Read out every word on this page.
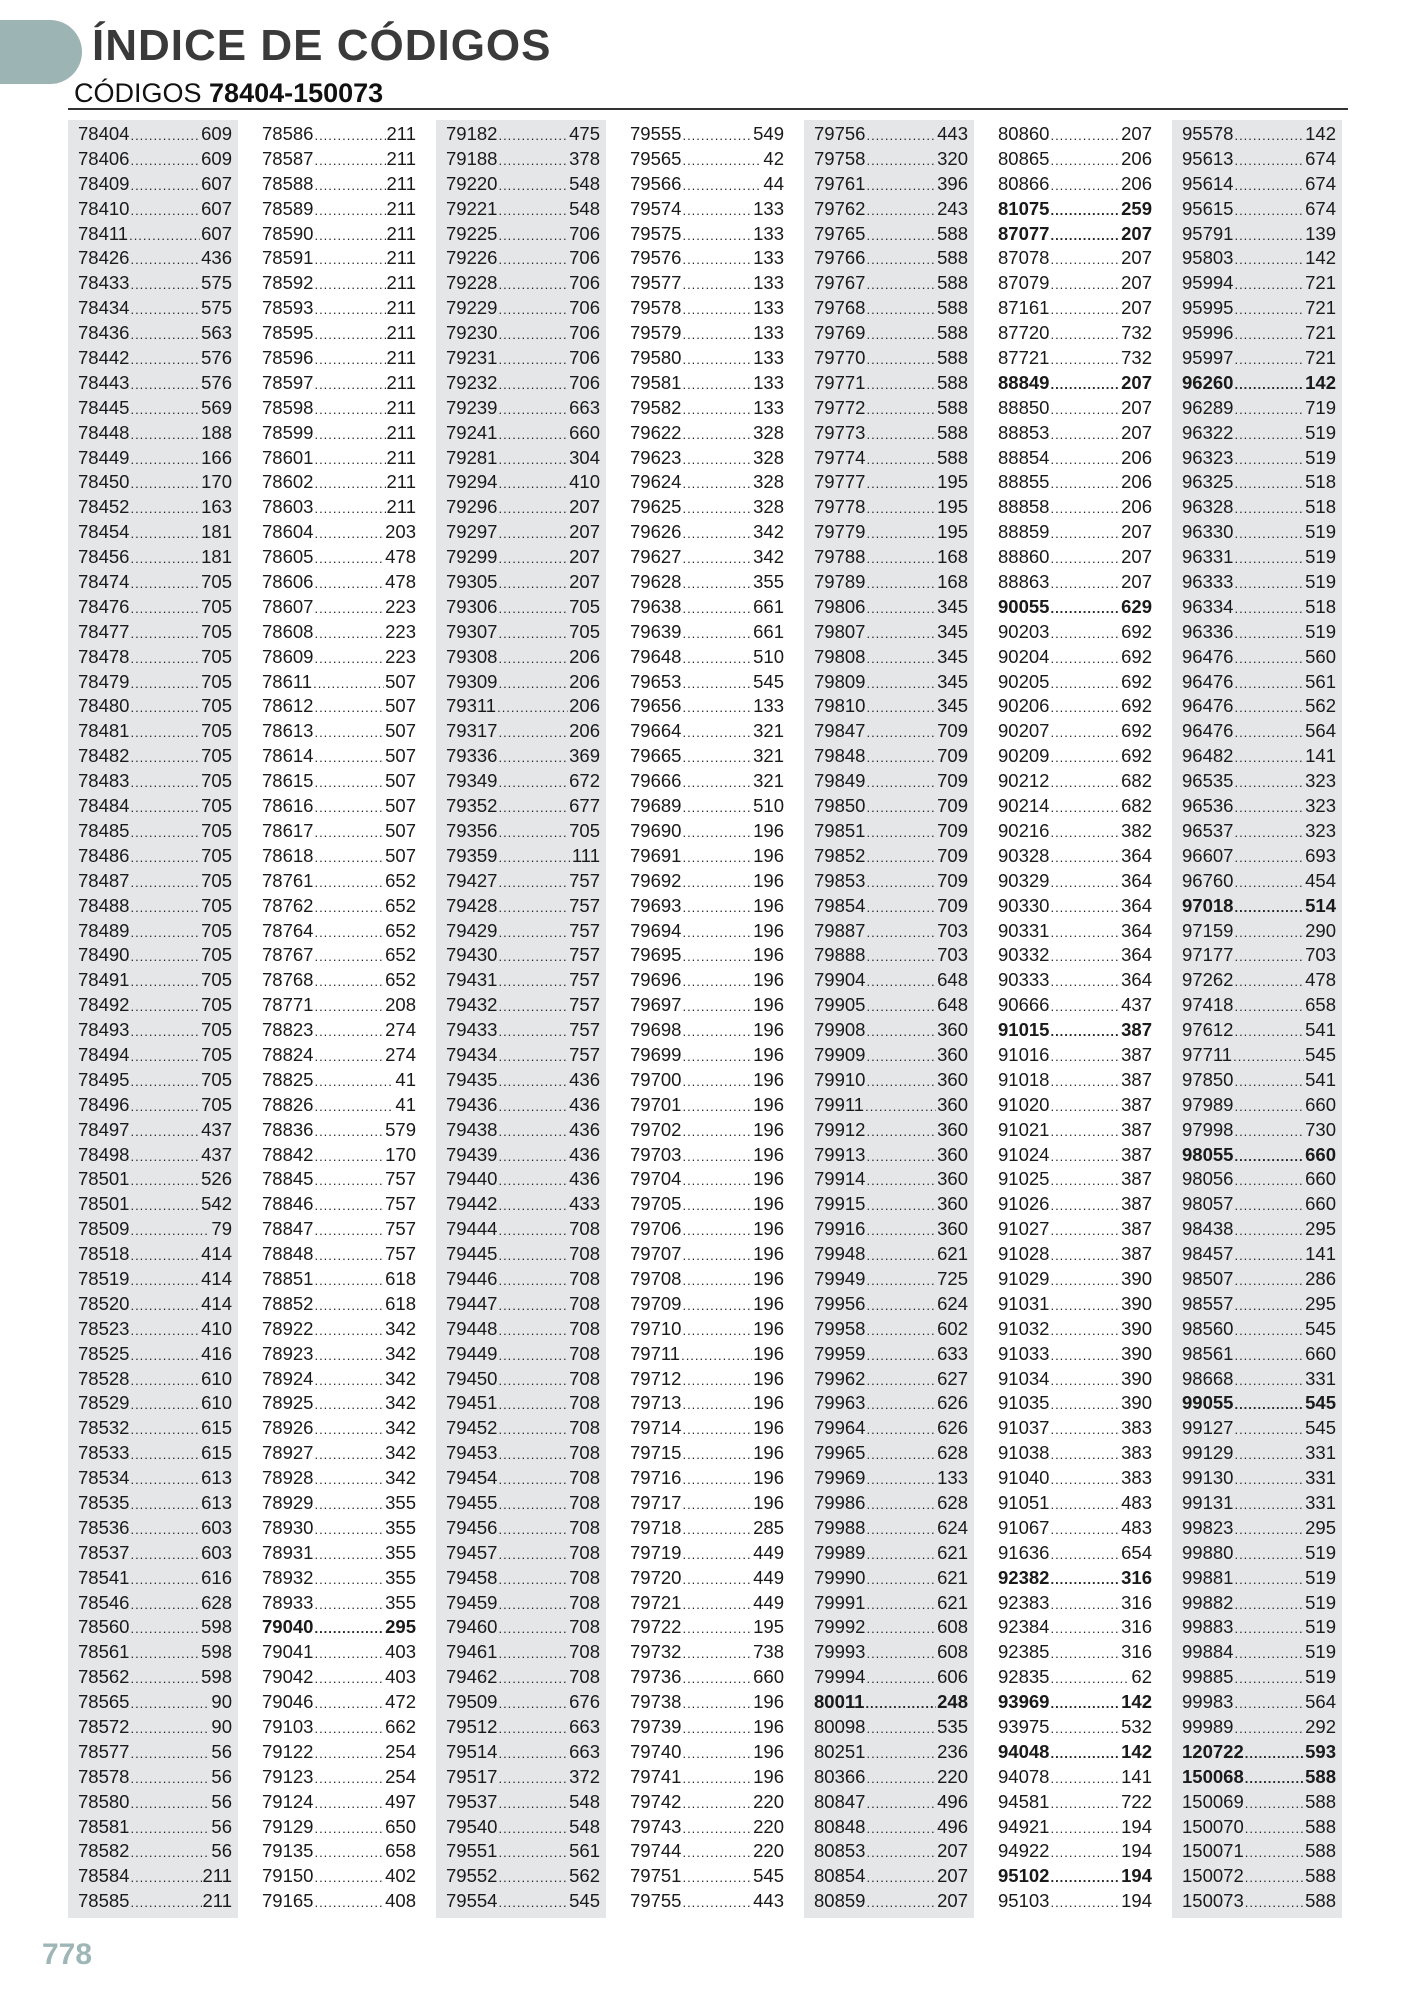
ÍNDICE DE CÓDIGOS
CÓDIGOS 78404-150073
78404 .....	609
78406 .....	609
78409 .....	607
78410 .....	607
78411 .....	607
78426 .....	436
78433 .....	575
78434 .....	575
78436 .....	563
78442 .....	576
78443 .....	576
78445 .....	569
78448 .....	188
78449 .....	166
78450 .....	170
78452 .....	163
78454 .....	181
78456 .....	181
78474 .....	705
78476 .....	705
78477 .....	705
78478 .....	705
78479 .....	705
78480 .....	705
78481 .....	705
78482 .....	705
78483 .....	705
78484 .....	705
78485 .....	705
78486 .....	705
78487 .....	705
78488 .....	705
78489 .....	705
78490 .....	705
78491 .....	705
78492 .....	705
78493 .....	705
78494 .....	705
78495 .....	705
78496 .....	705
78497 .....	437
78498 .....	437
78501 .....	526
78501 .....	542
78509 .....	79
78518 .....	414
78519 .....	414
78520 .....	414
78523 .....	410
78525 .....	416
78528 .....	610
78529 .....	610
78532 .....	615
78533 .....	615
78534 .....	613
78535 .....	613
78536 .....	603
78537 .....	603
78541 .....	616
78546 .....	628
78560 .....	598
78561 .....	598
78562 .....	598
78565 .....	90
78572 .....	90
78577 .....	56
78578 .....	56
78580 .....	56
78581 .....	56
78582 .....	56
78584 .....	211
78585 .....	211
78586 .....	211
78587 .....	211
78588 .....	211
78589 .....	211
78590 .....	211
78591 .....	211
78592 .....	211
78593 .....	211
78595 .....	211
78596 .....	211
78597 .....	211
78598 .....	211
78599 .....	211
78601 .....	211
78602 .....	211
78603 .....	211
78604 .....	203
78605 .....	478
78606 .....	478
78607 .....	223
78608 .....	223
78609 .....	223
78611 .....	507
78612 .....	507
78613 .....	507
78614 .....	507
78615 .....	507
78616 .....	507
78617 .....	507
78618 .....	507
78761 .....	652
78762 .....	652
78764 .....	652
78767 .....	652
78768 .....	652
78771 .....	208
78823 .....	274
78824 .....	274
78825 .....	41
78826 .....	41
78836 .....	579
78842 .....	170
78845 .....	757
78846 .....	757
78847 .....	757
78848 .....	757
78851 .....	618
78852 .....	618
78922 .....	342
78923 .....	342
78924 .....	342
78925 .....	342
78926 .....	342
78927 .....	342
78928 .....	342
78929 .....	355
78930 .....	355
78931 .....	355
78932 .....	355
78933 .....	355
79040 .....	295
79041 .....	403
79042 .....	403
79046 .....	472
79103 .....	662
79122 .....	254
79123 .....	254
79124 .....	497
79129 .....	650
79135 .....	658
79150 .....	402
79165 .....	408
79182 .....	475
79188 .....	378
79220 .....	548
79221 .....	548
79225 .....	706
79226 .....	706
79228 .....	706
79229 .....	706
79230 .....	706
79231 .....	706
79232 .....	706
79239 .....	663
79241 .....	660
79281 .....	304
79294 .....	410
79296 .....	207
79297 .....	207
79299 .....	207
79305 .....	207
79306 .....	705
79307 .....	705
79308 .....	206
79309 .....	206
79311 .....	206
79317 .....	206
79336 .....	369
79349 .....	672
79352 .....	677
79356 .....	705
79359 .....	111
79427 .....	757
79428 .....	757
79429 .....	757
79430 .....	757
79431 .....	757
79432 .....	757
79433 .....	757
79434 .....	757
79435 .....	436
79436 .....	436
79438 .....	436
79439 .....	436
79440 .....	436
79442 .....	433
79444 .....	708
79445 .....	708
79446 .....	708
79447 .....	708
79448 .....	708
79449 .....	708
79450 .....	708
79451 .....	708
79452 .....	708
79453 .....	708
79454 .....	708
79455 .....	708
79456 .....	708
79457 .....	708
79458 .....	708
79459 .....	708
79460 .....	708
79461 .....	708
79462 .....	708
79509 .....	676
79512 .....	663
79514 .....	663
79517 .....	372
79537 .....	548
79540 .....	548
79551 .....	561
79552 .....	562
79554 .....	545
79555 .....	549
79565 .....	42
79566 .....	44
79574 .....	133
79575 .....	133
79576 .....	133
79577 .....	133
79578 .....	133
79579 .....	133
79580 .....	133
79581 .....	133
79582 .....	133
79622 .....	328
79623 .....	328
79624 .....	328
79625 .....	328
79626 .....	342
79627 .....	342
79628 .....	355
79638 .....	661
79639 .....	661
79648 .....	510
79653 .....	545
79656 .....	133
79664 .....	321
79665 .....	321
79666 .....	321
79689 .....	510
79690 .....	196
79691 .....	196
79692 .....	196
79693 .....	196
79694 .....	196
79695 .....	196
79696 .....	196
79697 .....	196
79698 .....	196
79699 .....	196
79700 .....	196
79701 .....	196
79702 .....	196
79703 .....	196
79704 .....	196
79705 .....	196
79706 .....	196
79707 .....	196
79708 .....	196
79709 .....	196
79710 .....	196
79711 .....	196
79712 .....	196
79713 .....	196
79714 .....	196
79715 .....	196
79716 .....	196
79717 .....	196
79718 .....	285
79719 .....	449
79720 .....	449
79721 .....	449
79722 .....	195
79732 .....	738
79736 .....	660
79738 .....	196
79739 .....	196
79740 .....	196
79741 .....	196
79742 .....	220
79743 .....	220
79744 .....	220
79751 .....	545
79755 .....	443
79756 .....	443
79758 .....	320
79761 .....	396
79762 .....	243
79765 .....	588
79766 .....	588
79767 .....	588
79768 .....	588
79769 .....	588
79770 .....	588
79771 .....	588
79772 .....	588
79773 .....	588
79774 .....	588
79777 .....	195
79778 .....	195
79779 .....	195
79788 .....	168
79789 .....	168
79806 .....	345
79807 .....	345
79808 .....	345
79809 .....	345
79810 .....	345
79847 .....	709
79848 .....	709
79849 .....	709
79850 .....	709
79851 .....	709
79852 .....	709
79853 .....	709
79854 .....	709
79887 .....	703
79888 .....	703
79904 .....	648
79905 .....	648
79908 .....	360
79909 .....	360
79910 .....	360
79911 .....	360
79912 .....	360
79913 .....	360
79914 .....	360
79915 .....	360
79916 .....	360
79948 .....	621
79949 .....	725
79956 .....	624
79958 .....	602
79959 .....	633
79962 .....	627
79963 .....	626
79964 .....	626
79965 .....	628
79969 .....	133
79986 .....	628
79988 .....	624
79989 .....	621
79990 .....	621
79991 .....	621
79992 .....	608
79993 .....	608
79994 .....	606
80011 .....	248
80098 .....	535
80251 .....	236
80366 .....	220
80847 .....	496
80848 .....	496
80853 .....	207
80854 .....	207
80859 .....	207
80860 .....	207
80865 .....	206
80866 .....	206
81075 .....	259
87077 .....	207
87078 .....	207
87079 .....	207
87161 .....	207
87720 .....	732
87721 .....	732
88849 .....	207
88850 .....	207
88853 .....	207
88854 .....	206
88855 .....	206
88858 .....	206
88859 .....	207
88860 .....	207
88863 .....	207
90055 .....	629
90203 .....	692
90204 .....	692
90205 .....	692
90206 .....	692
90207 .....	692
90209 .....	692
90212 .....	682
90214 .....	682
90216 .....	382
90328 .....	364
90329 .....	364
90330 .....	364
90331 .....	364
90332 .....	364
90333 .....	364
90666 .....	437
91015 .....	387
91016 .....	387
91018 .....	387
91020 .....	387
91021 .....	387
91024 .....	387
91025 .....	387
91026 .....	387
91027 .....	387
91028 .....	387
91029 .....	390
91031 .....	390
91032 .....	390
91033 .....	390
91034 .....	390
91035 .....	390
91037 .....	383
91038 .....	383
91040 .....	383
91051 .....	483
91067 .....	483
91636 .....	654
92382 .....	316
92383 .....	316
92384 .....	316
92385 .....	316
92835 .....	62
93969 .....	142
93975 .....	532
94048 .....	142
94078 .....	141
94581 .....	722
94921 .....	194
94922 .....	194
95102 .....	194
95103 .....	194
95578 .....	142
95613 .....	674
95614 .....	674
95615 .....	674
95791 .....	139
95803 .....	142
95994 .....	721
95995 .....	721
95996 .....	721
95997 .....	721
96260 .....	142
96289 .....	719
96322 .....	519
96323 .....	519
96325 .....	518
96328 .....	518
96330 .....	519
96331 .....	519
96333 .....	519
96334 .....	518
96336 .....	519
96476 .....	560
96476 .....	561
96476 .....	562
96476 .....	564
96482 .....	141
96535 .....	323
96536 .....	323
96537 .....	323
96607 .....	693
96760 .....	454
97018 .....	514
97159 .....	290
97177 .....	703
97262 .....	478
97418 .....	658
97612 .....	541
97711 .....	545
97850 .....	541
97989 .....	660
97998 .....	730
98055 .....	660
98056 .....	660
98057 .....	660
98438 .....	295
98457 .....	141
98507 .....	286
98557 .....	295
98560 .....	545
98561 .....	660
98668 .....	331
99055 .....	545
99127 .....	545
99129 .....	331
99130 .....	331
99131 .....	331
99823 .....	295
99880 .....	519
99881 .....	519
99882 .....	519
99883 .....	519
99884 .....	519
99885 .....	519
99983 .....	564
99989 .....	292
120722 .....	593
150068 .....	588
150069 .....	588
150070 .....	588
150071 .....	588
150072 .....	588
150073 .....	588
778
